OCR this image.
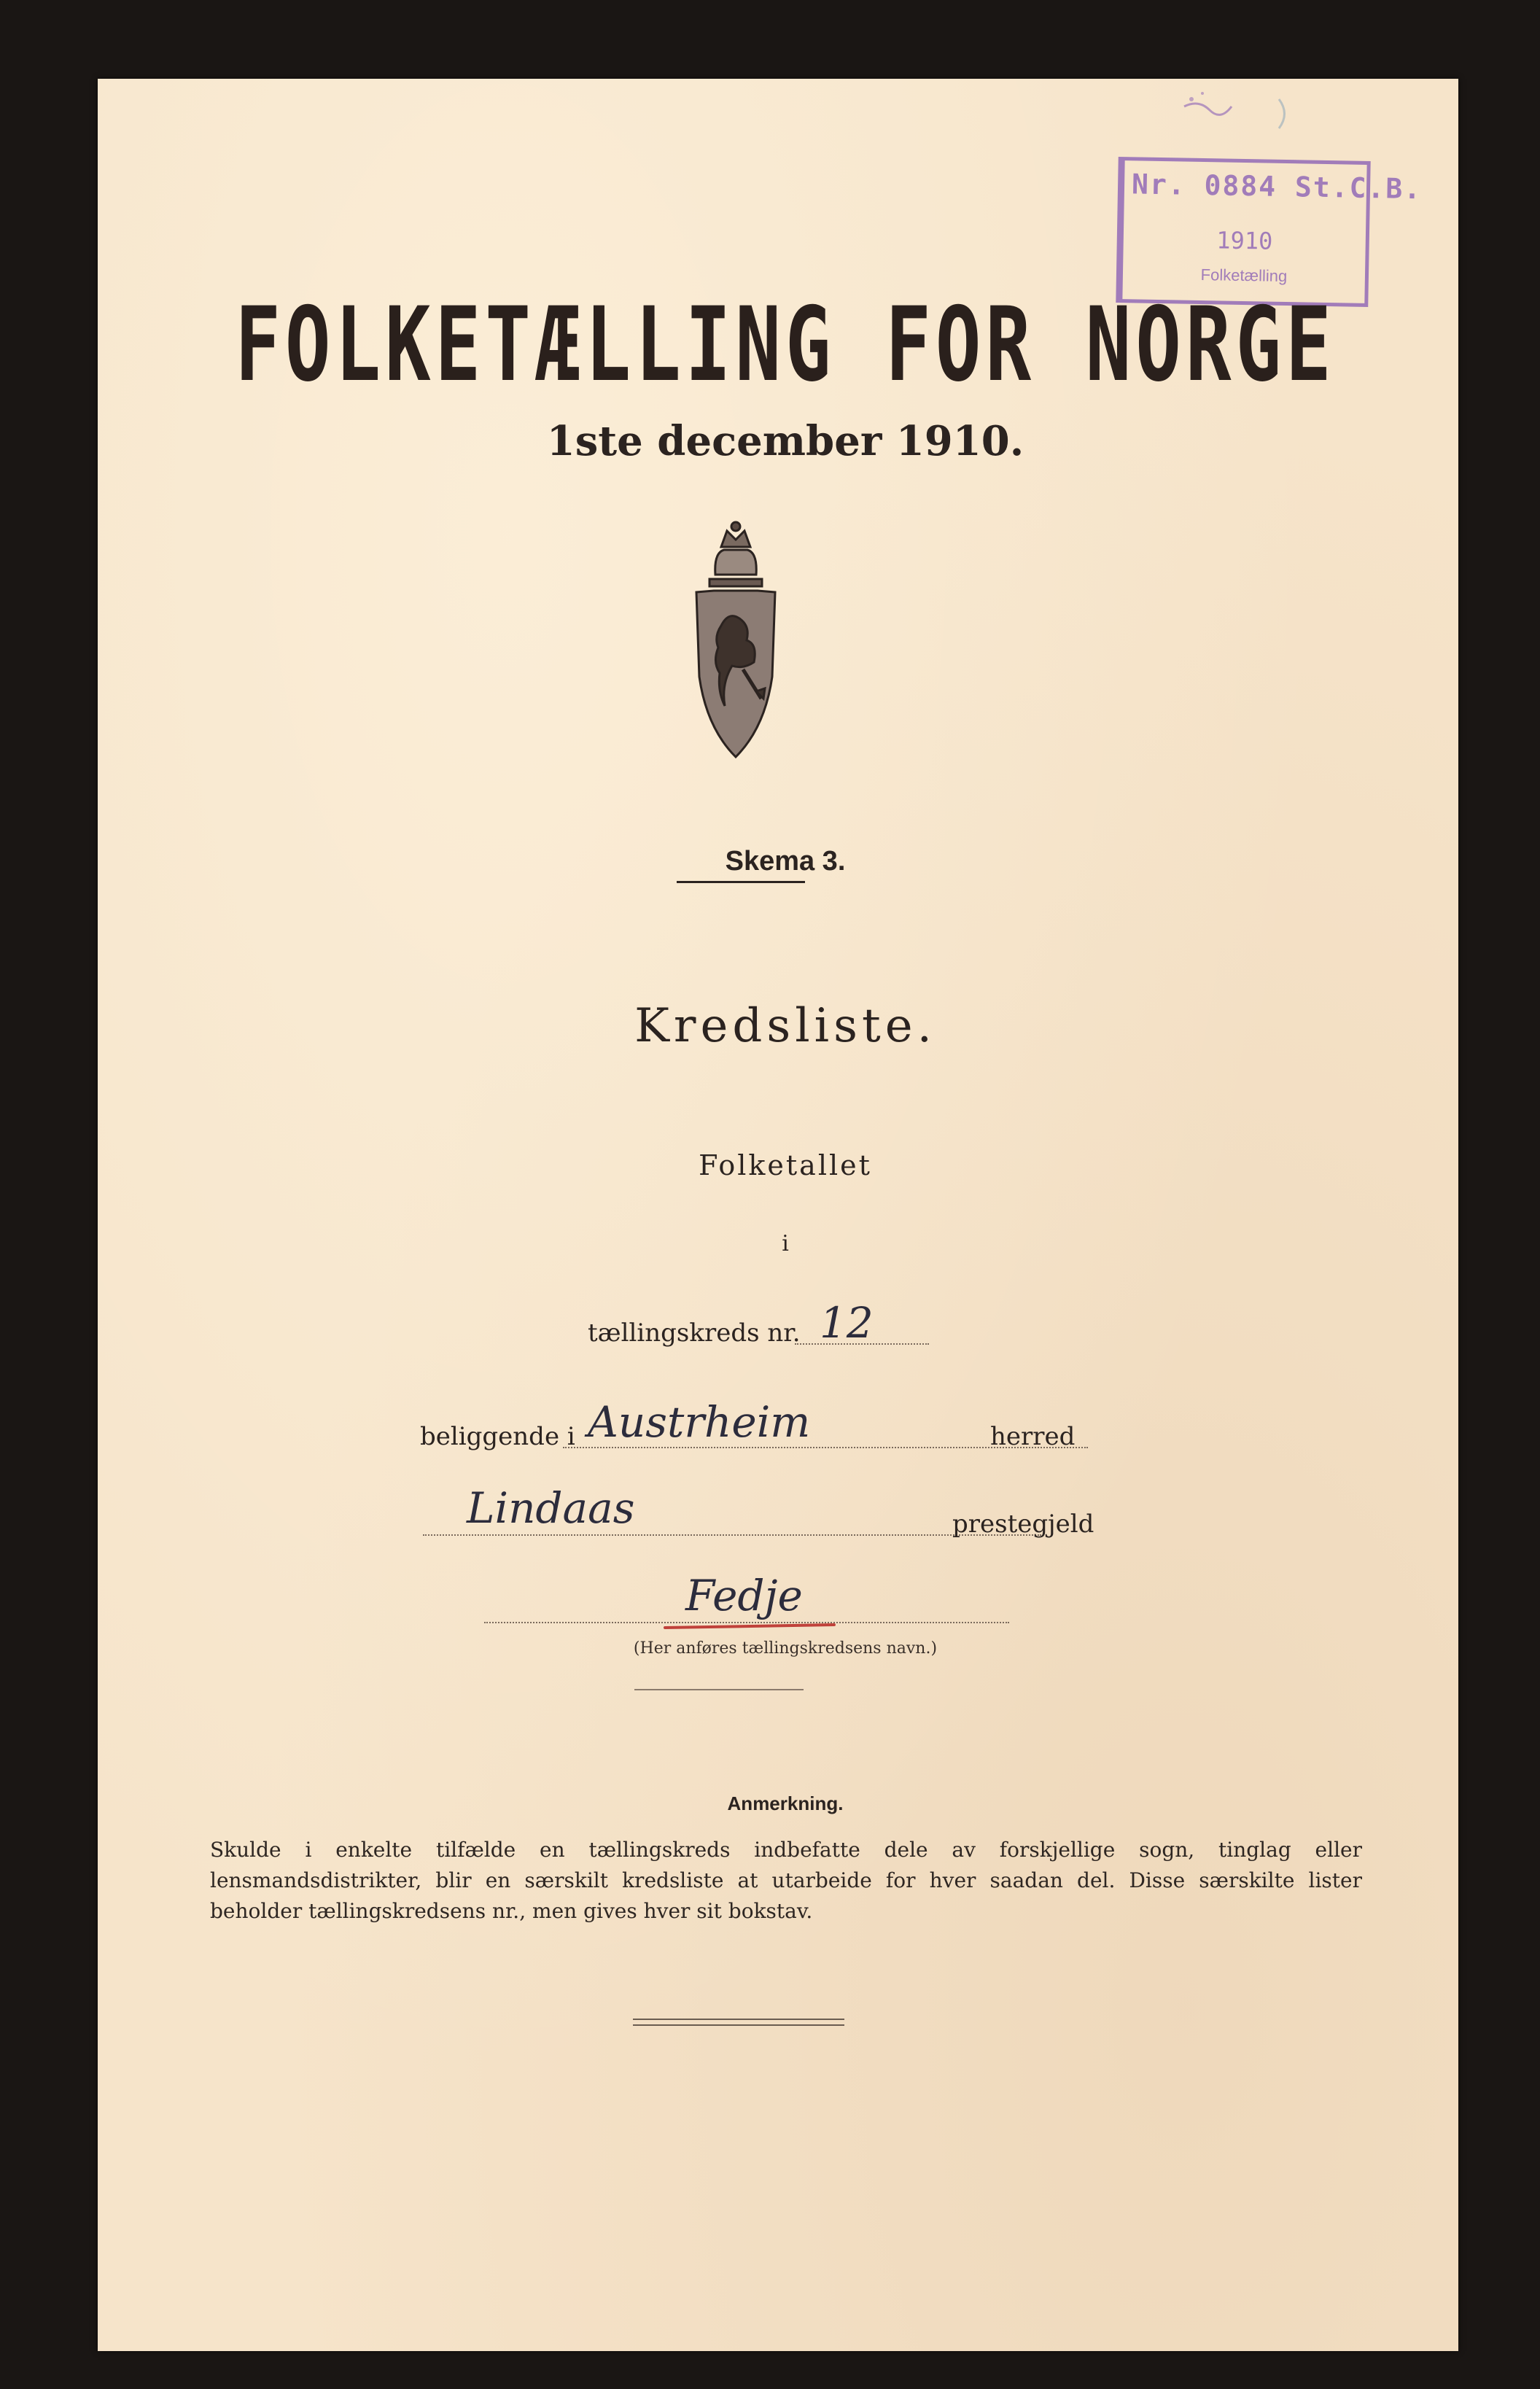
Nr. 0884 St.C.B.
1910
Folketælling
FOLKETÆLLING FOR NORGE
1ste december 1910.
Skema 3.
Kredsliste.
Folketallet
i
tællingskreds nr. 12
beliggende i Austrheim	herred
Lindaas	prestegjeld
Fedje
(Her anføres tællingskredsens navn.)
Anmerkning.
Skulde i enkelte tilfælde en tællingskreds indbefatte dele av forskjellige sogn, tinglag eller lensmandsdistrikter, blir en særskilt kredsliste at utarbeide for hver saadan del. Disse særskilte lister beholder tællingskredsens nr., men gives hver sit bokstav.
